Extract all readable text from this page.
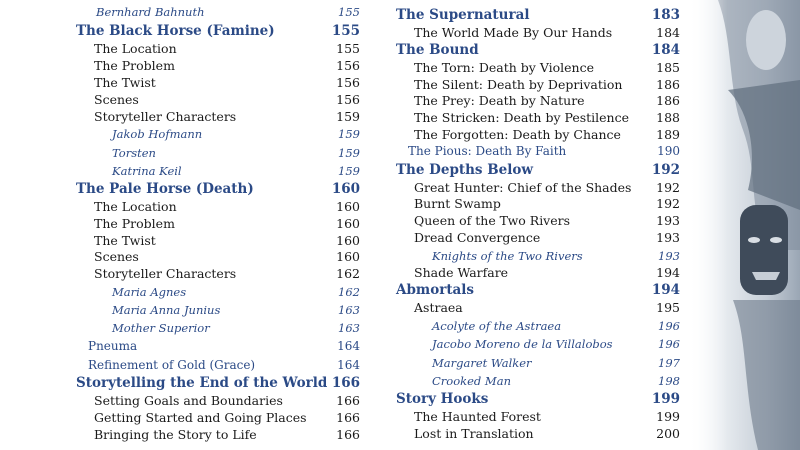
Bernhard Bahnuth	155
The Black Horse (Famine)	155
The Location	155
The Problem	156
The Twist	156
Scenes	156
Storyteller Characters	159
Jakob Hofmann	159
Torsten	159
Katrina Keil	159
The Pale Horse (Death)	160
The Location	160
The Problem	160
The Twist	160
Scenes	160
Storyteller Characters	162
Maria Agnes	162
Maria Anna Junius	163
Mother Superior	163
Pneuma	164
Refinement of Gold (Grace)	164
Storytelling the End of the World 166
Setting Goals and Boundaries	166
Getting Started and Going Places 166
Bringing the Story to Life	166
The Supernatural	183
The World Made By Our Hands	184
The Bound	184
The Torn: Death by Violence	185
The Silent: Death by Deprivation	186
The Prey: Death by Nature	186
The Stricken: Death by Pestilence 188
The Forgotten: Death by Chance	189
The Pious: Death By Faith	190
The Depths Below	192
Great Hunter: Chief of the Shades 192
Burnt Swamp	192
Queen of the Two Rivers	193
Dread Convergence	193
Knights of the Two Rivers	193
Shade Warfare	194
Abmortals	194
Astraea	195
Acolyte of the Astraea	196
Jacobo Moreno de la Villalobos	196
Margaret Walker	197
Crooked Man	198
Story Hooks	199
The Haunted Forest	199
Lost in Translation	200
